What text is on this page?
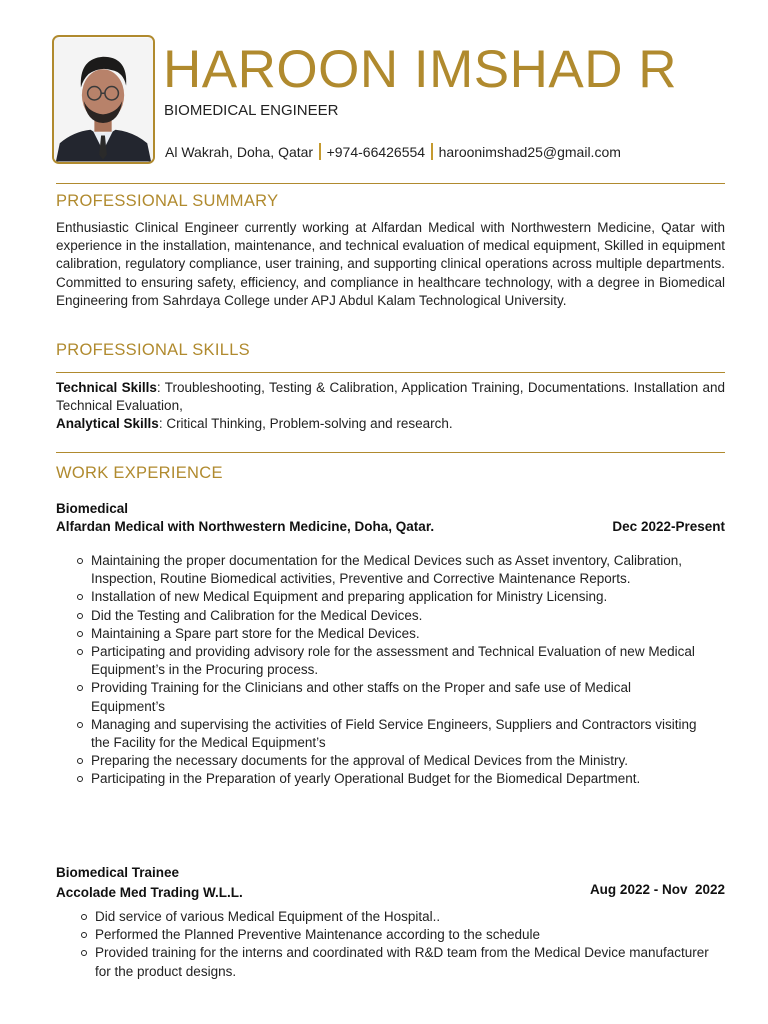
HAROON IMSHAD R
BIOMEDICAL ENGINEER
Al Wakrah, Doha, Qatar +974-66426554 haroonimshad25@gmail.com
PROFESSIONAL SUMMARY

Enthusiastic Clinical Engineer currently working at Alfardan Medical with Northwestern Medicine, Qatar with experience in the installation, maintenance, and technical evaluation of medical equipment, Skilled in equipment calibration, regulatory compliance, user training, and supporting clinical operations across multiple departments. Committed to ensuring safety, efficiency, and compliance in healthcare technology, with a degree in Biomedical Engineering from Sahrdaya College under APJ Abdul Kalam Technological University.

PROFESSIONAL SKILLS
Technical Skills: Troubleshooting, Testing & Calibration, Application Training, Documentations. Installation and Technical Evaluation,
Analytical Skills: Critical Thinking, Problem-solving and research.
WORK EXPERIENCE
Biomedical
Alfardan Medical with Northwestern Medicine, Doha, Qatar.	Dec 2022-Present
Maintaining the proper documentation for the Medical Devices such as Asset inventory, Calibration, Inspection, Routine Biomedical activities, Preventive and Corrective Maintenance Reports.
Installation of new Medical Equipment and preparing application for Ministry Licensing.
Did the Testing and Calibration for the Medical Devices.
Maintaining a Spare part store for the Medical Devices.
Participating and providing advisory role for the assessment and Technical Evaluation of new Medical Equipment’s in the Procuring process.
Providing Training for the Clinicians and other staffs on the Proper and safe use of Medical Equipment’s
Managing and supervising the activities of Field Service Engineers, Suppliers and Contractors visiting the Facility for the Medical Equipment’s
Preparing the necessary documents for the approval of Medical Devices from the Ministry.
Participating in the Preparation of yearly Operational Budget for the Biomedical Department.
Biomedical Trainee
Accolade Med Trading W.L.L.	Aug 2022 - Nov  2022
Did service of various Medical Equipment of the Hospital..
Performed the Planned Preventive Maintenance according to the schedule
Provided training for the interns and coordinated with R&D team from the Medical Device manufacturer for the product designs.
